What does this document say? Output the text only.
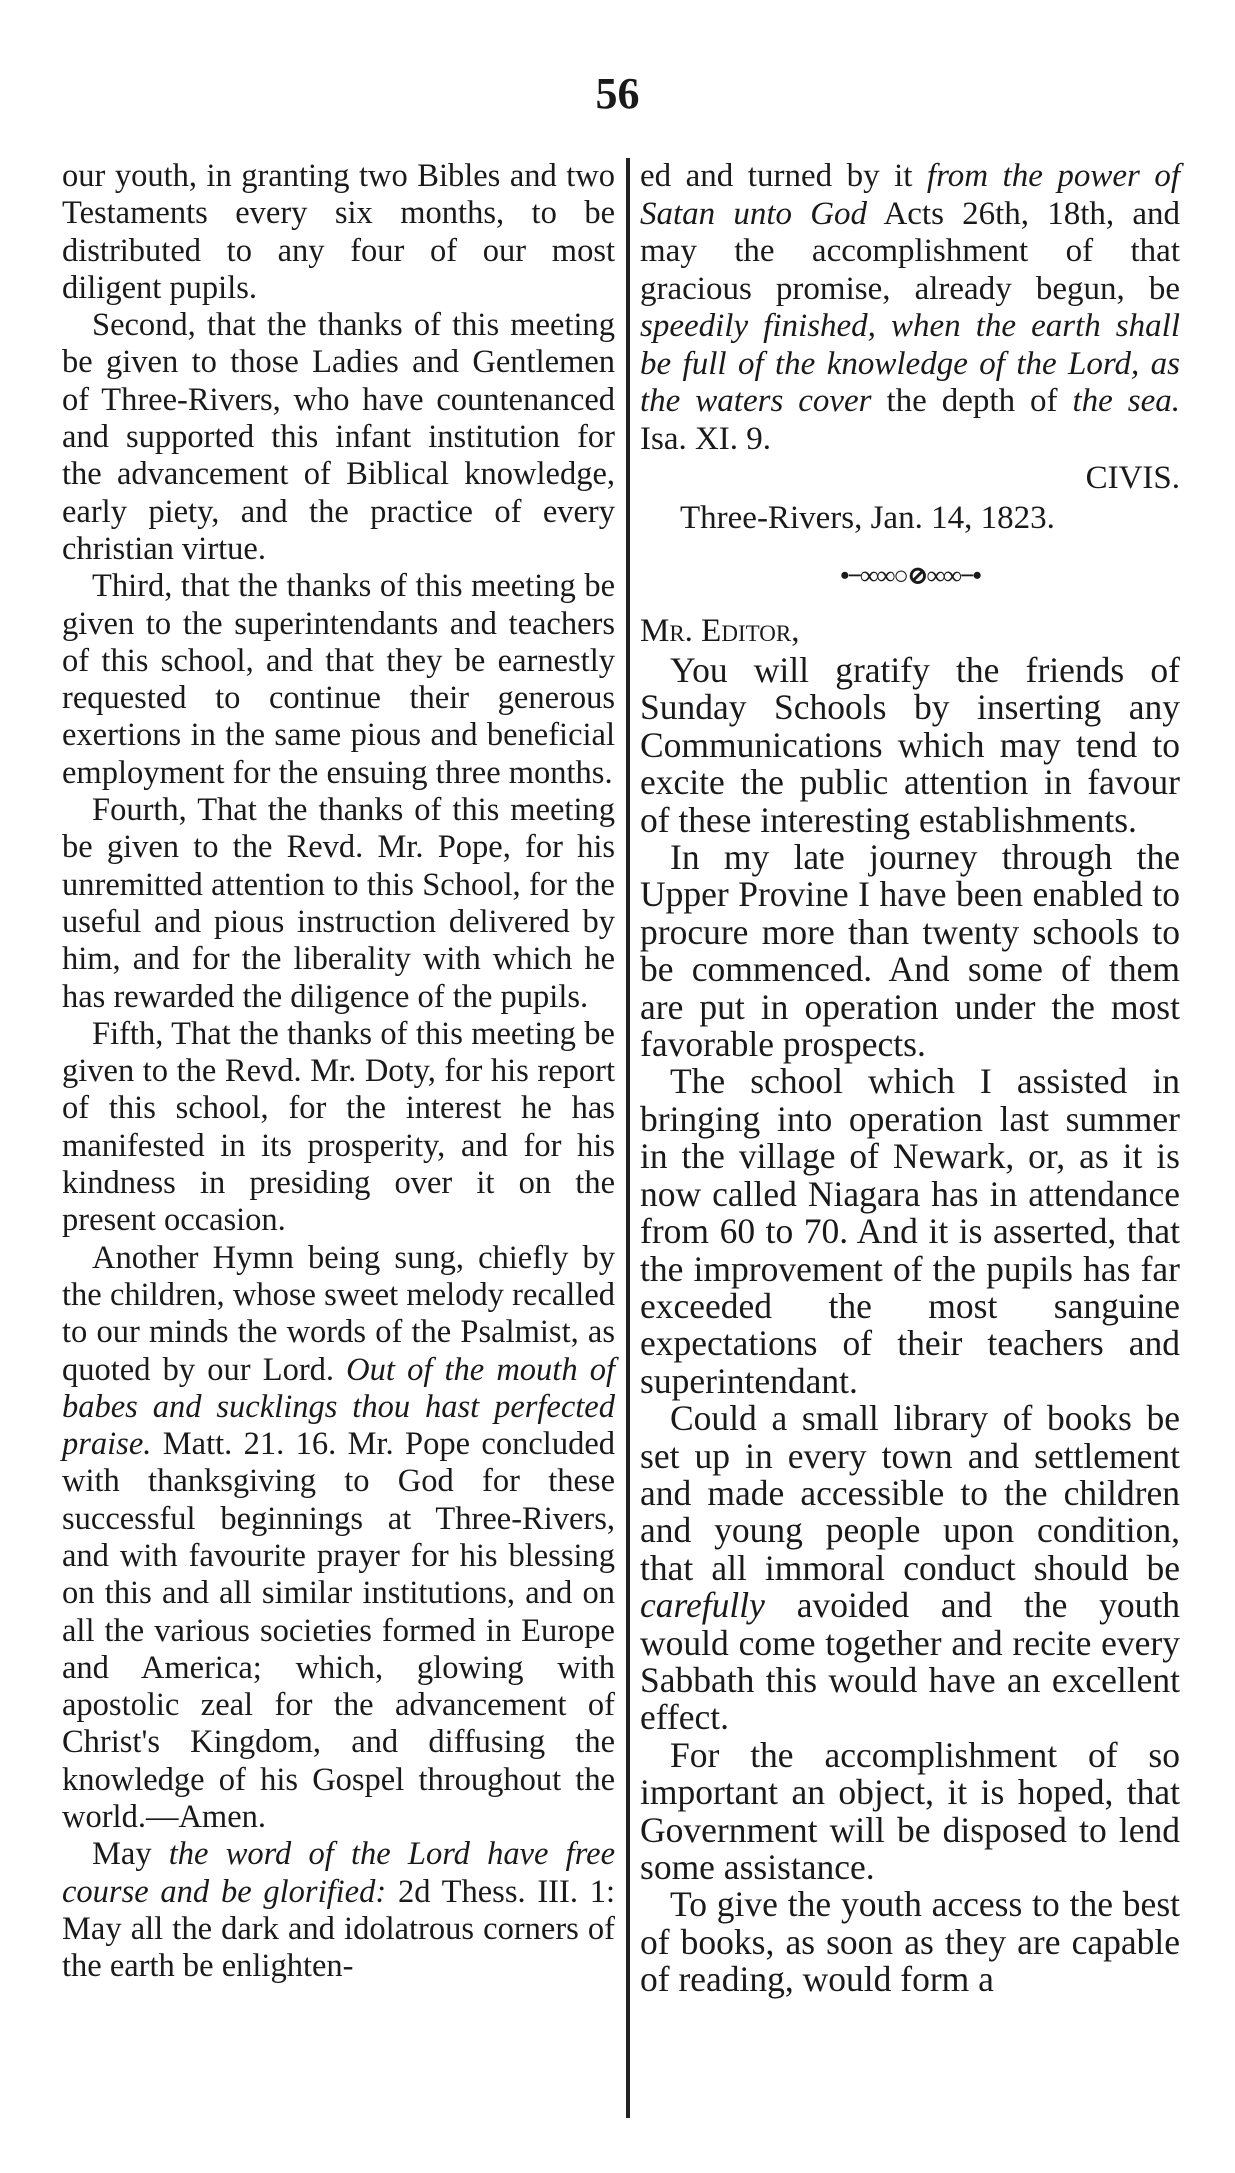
56

our youth, in granting two Bibles and two Testaments every six months, to be distributed to any four of our most diligent pupils.

Second, that the thanks of this meeting be given to those Ladies and Gentlemen of Three-Rivers, who have countenanced and supported this infant institution for the advancement of Biblical knowledge, early piety, and the practice of every christian virtue.

Third, that the thanks of this meeting be given to the superintendants and teachers of this school, and that they be earnestly requested to continue their generous exertions in the same pious and beneficial employment for the ensuing three months.

Fourth, That the thanks of this meeting be given to the Revd. Mr. Pope, for his unremitted attention to this School, for the useful and pious instruction delivered by him, and for the liberality with which he has rewarded the diligence of the pupils.

Fifth, That the thanks of this meeting be given to the Revd. Mr. Doty, for his report of this school, for the interest he has manifested in its prosperity, and for his kindness in presiding over it on the present occasion.

Another Hymn being sung, chiefly by the children, whose sweet melody recalled to our minds the words of the Psalmist, as quoted by our Lord. Out of the mouth of babes and sucklings thou hast perfected praise. Matt. 21. 16. Mr. Pope concluded with thanksgiving to God for these successful beginnings at Three-Rivers, and with favourite prayer for his blessing on this and all similar institutions, and on all the various societies formed in Europe and America; which, glowing with apostolic zeal for the advancement of Christ's Kingdom, and diffusing the knowledge of his Gospel throughout the world.—Amen.

May the word of the Lord have free course and be glorified: 2d Thess. III. 1: May all the dark and idolatrous corners of the earth be enlighten-

ed and turned by it from the power of Satan unto God Acts 26th, 18th, and may the accomplishment of that gracious promise, already begun, be speedily finished, when the earth shall be full of the knowledge of the Lord, as the waters cover the depth of the sea. Isa. XI. 9.

CIVIS.
Three-Rivers, Jan. 14, 1823.
•−∞∞○⊘∞∞−•
Mr. Editor,

You will gratify the friends of Sunday Schools by inserting any Communications which may tend to excite the public attention in favour of these interesting establishments.

In my late journey through the Upper Provine I have been enabled to procure more than twenty schools to be commenced. And some of them are put in operation under the most favorable prospects.

The school which I assisted in bringing into operation last summer in the village of Newark, or, as it is now called Niagara has in attendance from 60 to 70. And it is asserted, that the improvement of the pupils has far exceeded the most sanguine expectations of their teachers and superintendant.

Could a small library of books be set up in every town and settlement and made accessible to the children and young people upon condition, that all immoral conduct should be carefully avoided and the youth would come together and recite every Sabbath this would have an excellent effect.

For the accomplishment of so important an object, it is hoped, that Government will be disposed to lend some assistance.

To give the youth access to the best of books, as soon as they are capable of reading, would form a
